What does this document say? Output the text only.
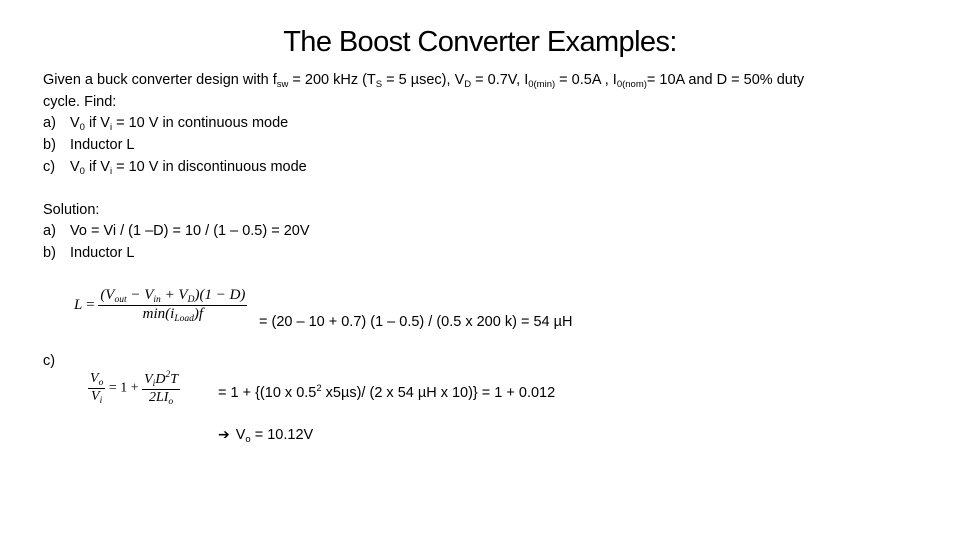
The Boost Converter Examples:
Given a buck converter design with $f_{sw} = 200$ kHz ($T_S = 5$ µsec), $V_D = 0.7V$, $I_{0(min)} = 0.5A$ , $I_{0(nom)}= 10A$ and D = 50% duty
cycle. Find:
a) $V_0$ if $V_i = 10$ V in continuous mode
b) Inductor L
c) $V_0$ if $V_i = 10$ V in discontinuous mode
Solution:
a) Vo = Vi / (1 –D) = 10 / (1 – 0.5) = 20V
b) Inductor L
$L = \frac{(V_{out} - V_{in} + V_D)(1 - D)}{\min(i_{Load})f} = (20 - 10 + 0.7)$ (1 – 0.5) / (0.5 x 200 k) = 54 µH
c)
$\frac{V_o}{V_i} = 1 + \frac{V_iD^2T}{2LI_o}$	= 1 + {(10 x $0.5^2$ x5µs)/ (2 x 54 µH x 10)} = 1 + 0.012
➔ $V_o = 10.12V$
